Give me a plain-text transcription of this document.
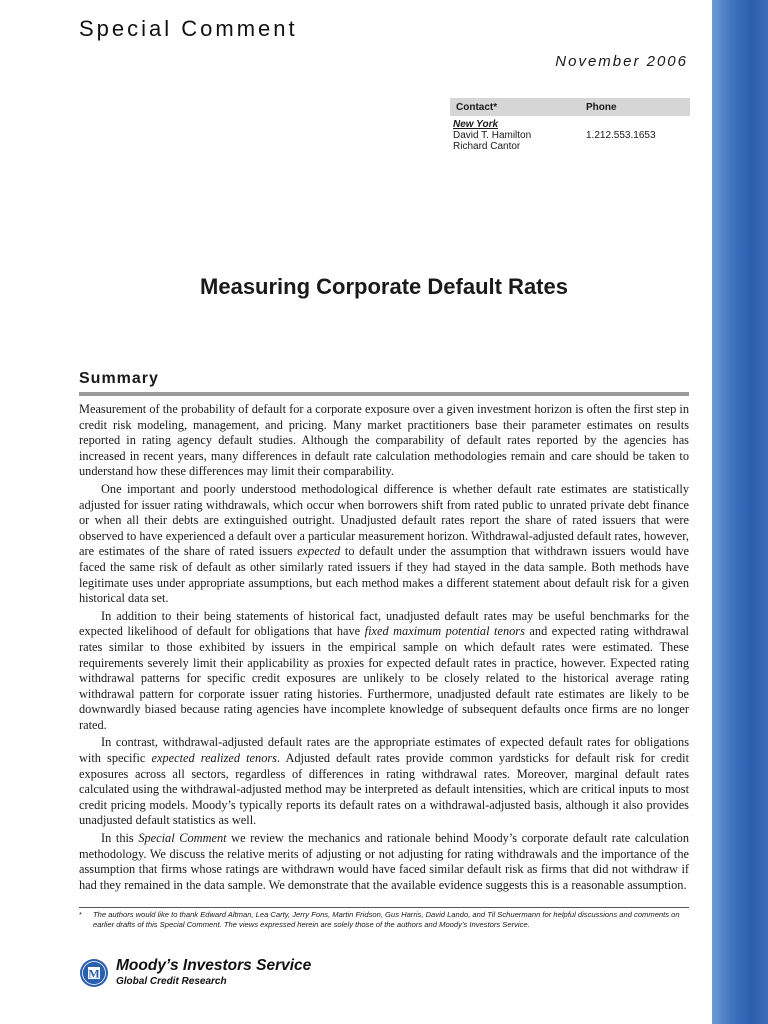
Special Comment
November 2006
Contact*	Phone
New York
David T. Hamilton	1.212.553.1653
Richard Cantor
Measuring Corporate Default Rates
Summary

Measurement of the probability of default for a corporate exposure over a given investment horizon is often the first step in credit risk modeling, management, and pricing. Many market practitioners base their parameter estimates on results reported in rating agency default studies. Although the comparability of default rates reported by the agencies has increased in recent years, many differences in default rate calculation methodologies remain and care should be taken to understand how these differences may limit their comparability.

One important and poorly understood methodological difference is whether default rate estimates are statistically adjusted for issuer rating withdrawals, which occur when borrowers shift from rated public to unrated private debt finance or when all their debts are extinguished outright. Unadjusted default rates report the share of rated issuers that were observed to have experienced a default over a particular measurement horizon. Withdrawal-adjusted default rates, however, are estimates of the share of rated issuers expected to default under the assumption that withdrawn issuers would have faced the same risk of default as other similarly rated issuers if they had stayed in the data sample. Both methods have legitimate uses under appropriate assumptions, but each method makes a different statement about default risk for a given historical data set.

In addition to their being statements of historical fact, unadjusted default rates may be useful benchmarks for the expected likelihood of default for obligations that have fixed maximum potential tenors and expected rating withdrawal rates similar to those exhibited by issuers in the empirical sample on which default rates were estimated. These requirements severely limit their applicability as proxies for expected default rates in practice, however. Expected rating withdrawal patterns for specific credit exposures are unlikely to be closely related to the historical average rating withdrawal pattern for corporate issuer rating histories. Furthermore, unadjusted default rate estimates are likely to be downwardly biased because rating agencies have incomplete knowledge of subsequent defaults once firms are no longer rated.

In contrast, withdrawal-adjusted default rates are the appropriate estimates of expected default rates for obligations with specific expected realized tenors. Adjusted default rates provide common yardsticks for default risk for credit exposures across all sectors, regardless of differences in rating withdrawal rates. Moreover, marginal default rates calculated using the withdrawal-adjusted method may be interpreted as default intensities, which are critical inputs to most credit pricing models. Moody’s typically reports its default rates on a withdrawal-adjusted basis, although it also provides unadjusted default statistics as well.

In this Special Comment we review the mechanics and rationale behind Moody’s corporate default rate calculation methodology. We discuss the relative merits of adjusting or not adjusting for rating withdrawals and the importance of the assumption that firms whose ratings are withdrawn would have faced similar default risk as firms that did not withdraw if had they remained in the data sample. We demonstrate that the available evidence suggests this is a reasonable assumption.

*	The authors would like to thank Edward Altman, Lea Carty, Jerry Fons, Martin Fridson, Gus Harris, David Lando, and Til Schuermann for helpful discussions and comments on earlier drafts of this Special Comment. The views expressed herein are solely those of the authors and Moody’s Investors Service.
M Moody’s Investors Service
Global Credit Research
